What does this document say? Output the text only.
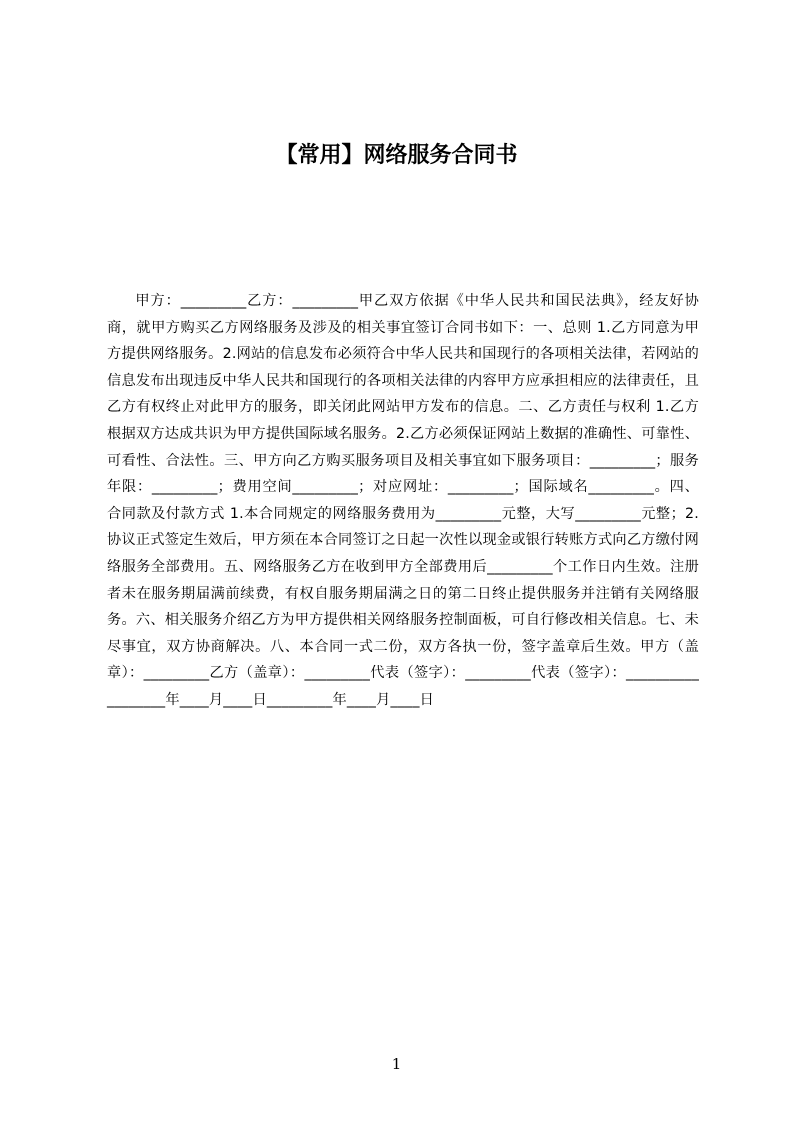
【常用】网络服务合同书

甲方：_________乙方：_________甲乙双方依据《中华人民共和国民法典》，经友好协商，就甲方购买乙方网络服务及涉及的相关事宜签订合同书如下：一、总则 1.乙方同意为甲方提供网络服务。2.网站的信息发布必须符合中华人民共和国现行的各项相关法律，若网站的信息发布出现违反中华人民共和国现行的各项相关法律的内容甲方应承担相应的法律责任，且乙方有权终止对此甲方的服务，即关闭此网站甲方发布的信息。二、乙方责任与权利 1.乙方根据双方达成共识为甲方提供国际域名服务。2.乙方必须保证网站上数据的准确性、可靠性、可看性、合法性。三、甲方向乙方购买服务项目及相关事宜如下服务项目：_________；服务年限：_________；费用空间_________；对应网址：_________；国际域名_________。四、合同款及付款方式 1.本合同规定的网络服务费用为_________元整，大写_________元整；2.协议正式签定生效后，甲方须在本合同签订之日起一次性以现金或银行转账方式向乙方缴付网络服务全部费用。五、网络服务乙方在收到甲方全部费用后_________个工作日内生效。注册者未在服务期届满前续费，有权自服务期届满之日的第二日终止提供服务并注销有关网络服务。六、相关服务介绍乙方为甲方提供相关网络服务控制面板，可自行修改相关信息。七、未尽事宜，双方协商解决。八、本合同一式二份，双方各执一份，签字盖章后生效。甲方（盖章）：_________乙方（盖章）：_________代表（签字）：_________代表（签字）：__________________年____月____日_________年____月____日

1
